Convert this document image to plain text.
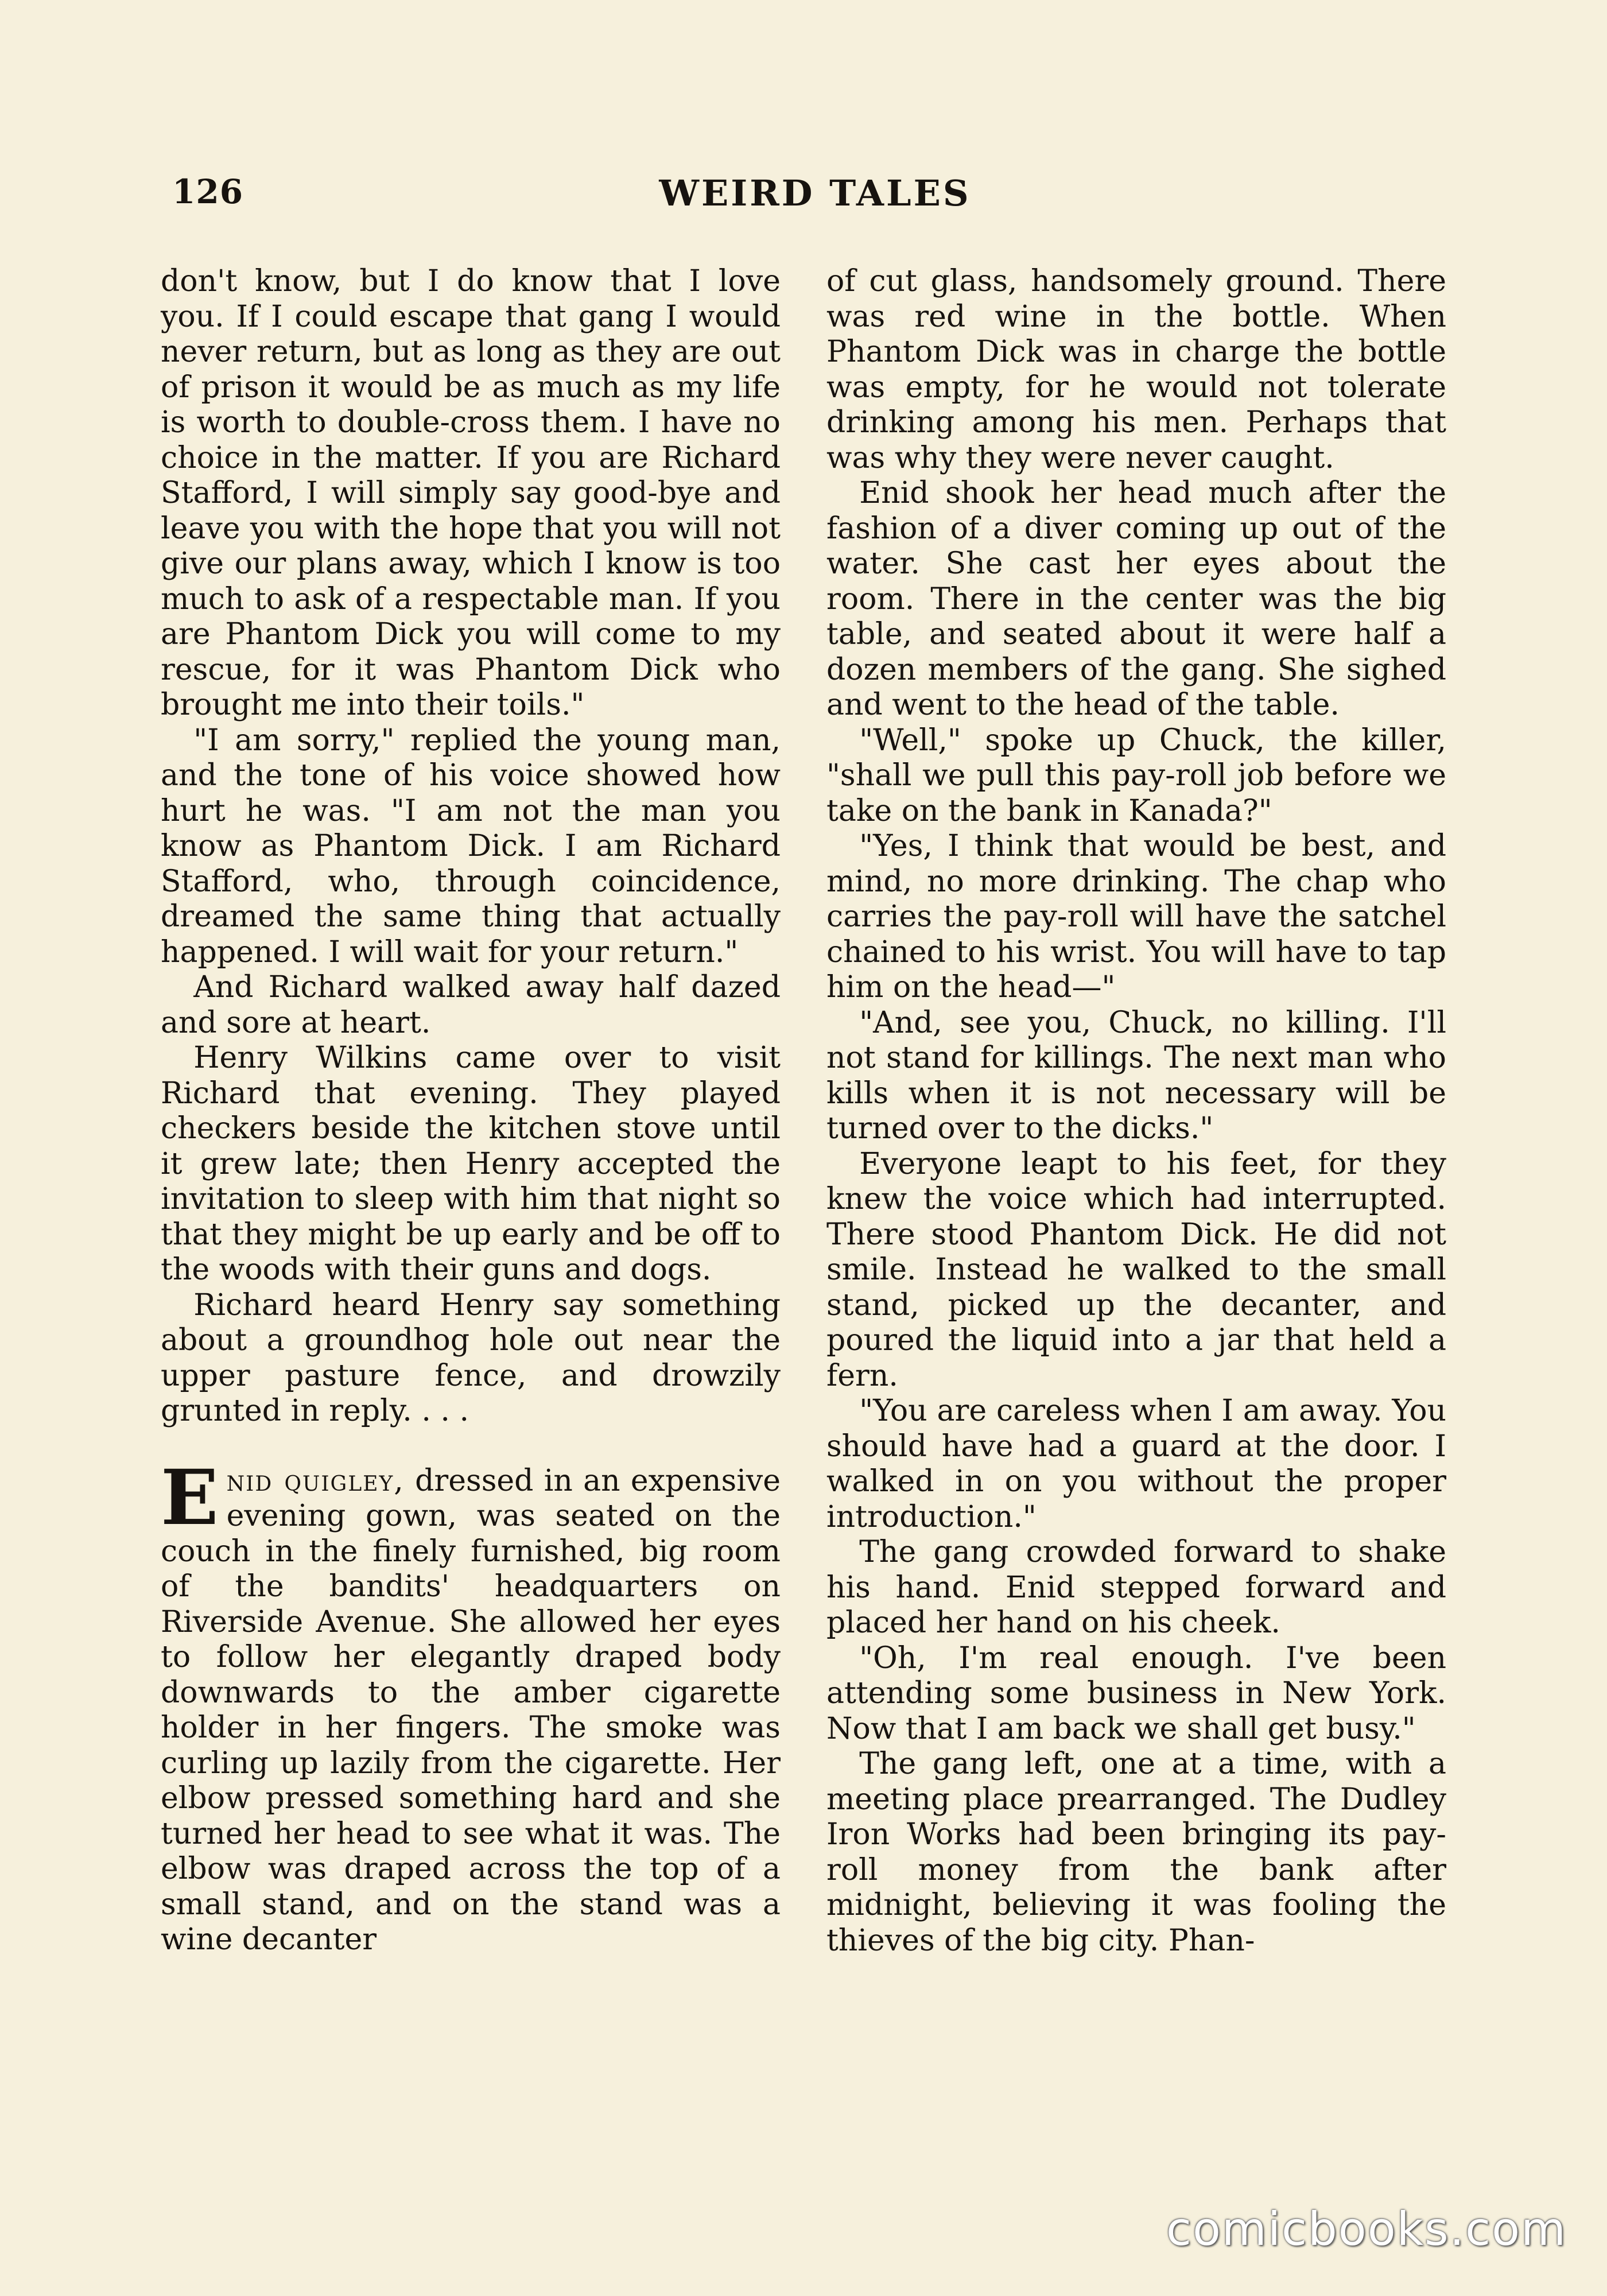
126	WEIRD TALES

don't know, but I do know that I love you. If I could escape that gang I would never return, but as long as they are out of prison it would be as much as my life is worth to double-cross them. I have no choice in the matter. If you are Richard Stafford, I will simply say good-bye and leave you with the hope that you will not give our plans away, which I know is too much to ask of a respectable man. If you are Phantom Dick you will come to my rescue, for it was Phantom Dick who brought me into their toils."

"I am sorry," replied the young man, and the tone of his voice showed how hurt he was. "I am not the man you know as Phantom Dick. I am Richard Stafford, who, through coincidence, dreamed the same thing that actually happened. I will wait for your return."

And Richard walked away half dazed and sore at heart.

Henry Wilkins came over to visit Richard that evening. They played checkers beside the kitchen stove until it grew late; then Henry accepted the invitation to sleep with him that night so that they might be up early and be off to the woods with their guns and dogs.

Richard heard Henry say something about a groundhog hole out near the upper pasture fence, and drowzily grunted in reply. . . .

Enid quigley, dressed in an expensive evening gown, was seated on the couch in the finely furnished, big room of the bandits' headquarters on Riverside Avenue. She allowed her eyes to follow her elegantly draped body downwards to the amber cigarette holder in her fingers. The smoke was curling up lazily from the cigarette. Her elbow pressed something hard and she turned her head to see what it was. The elbow was draped across the top of a small stand, and on the stand was a wine decanter

of cut glass, handsomely ground. There was red wine in the bottle. When Phantom Dick was in charge the bottle was empty, for he would not tolerate drinking among his men. Perhaps that was why they were never caught.

Enid shook her head much after the fashion of a diver coming up out of the water. She cast her eyes about the room. There in the center was the big table, and seated about it were half a dozen members of the gang. She sighed and went to the head of the table.

"Well," spoke up Chuck, the killer, "shall we pull this pay-roll job before we take on the bank in Kanada?"

"Yes, I think that would be best, and mind, no more drinking. The chap who carries the pay-roll will have the satchel chained to his wrist. You will have to tap him on the head—"

"And, see you, Chuck, no killing. I'll not stand for killings. The next man who kills when it is not necessary will be turned over to the dicks."

Everyone leapt to his feet, for they knew the voice which had interrupted. There stood Phantom Dick. He did not smile. Instead he walked to the small stand, picked up the decanter, and poured the liquid into a jar that held a fern.

"You are careless when I am away. You should have had a guard at the door. I walked in on you without the proper introduction."

The gang crowded forward to shake his hand. Enid stepped forward and placed her hand on his cheek.

"Oh, I'm real enough. I've been attending some business in New York. Now that I am back we shall get busy."

The gang left, one at a time, with a meeting place prearranged. The Dudley Iron Works had been bringing its pay-roll money from the bank after midnight, believing it was fooling the thieves of the big city. Phan-

comicbooks.com
